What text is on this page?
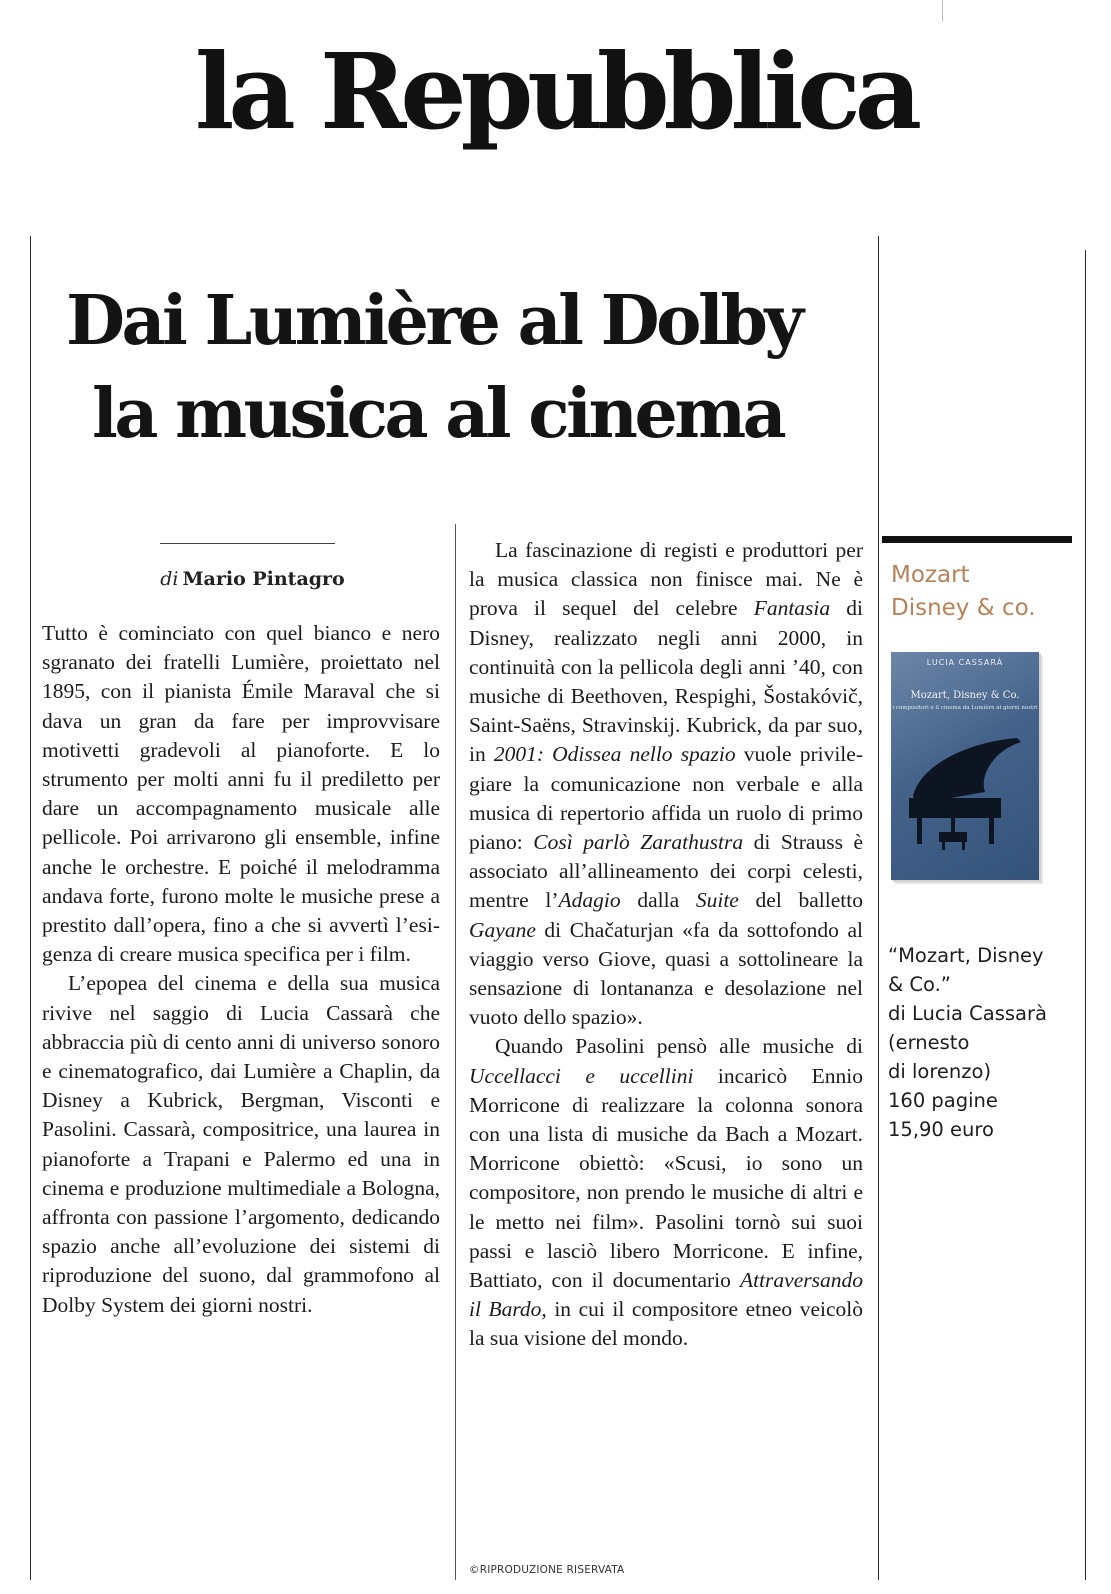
la Repubblica
Dai Lumière al Dolby
la musica al cinema
di Mario Pintagro

Tutto è cominciato con quel bianco e nero sgranato dei fratelli Lumière, proiettato nel 1895, con il pianista Émile Maraval che si dava un gran da fare per improvvisare motivetti gradevoli al pianoforte. E lo strumento per molti anni fu il prediletto per dare un accompagnamento musicale alle pellicole. Poi arrivarono gli ensemble, infine anche le orchestre. E poiché il melodramma andava forte, furono molte le musiche prese a prestito dall’opera, fino a che si avvertì l’esigenza di creare musica specifica per i film.

L’epopea del cinema e della sua musica rivive nel saggio di Lucia Cassarà che abbraccia più di cento anni di universo sonoro e cinematografico, dai Lumière a Chaplin, da Disney a Kubrick, Bergman, Visconti e Pasolini. Cassarà, compositrice, una laurea in pianoforte a Trapani e Palermo ed una in cinema e produzione multimediale a Bologna, affronta con passione l’argomento, dedicando spazio anche all’evoluzione dei sistemi di riproduzione del suono, dal grammofono al Dolby System dei giorni nostri.

La fascinazione di registi e produttori per la musica classica non finisce mai. Ne è prova il sequel del celebre Fantasia di Disney, realizzato negli anni 2000, in continuità con la pellicola degli anni ’40, con musiche di Beethoven, Respighi, Šostakóvič, Saint-Saëns, Stravinskij. Kubrick, da par suo, in 2001: Odissea nello spazio vuole privilegiare la comunicazione non verbale e alla musica di repertorio affida un ruolo di primo piano: Così parlò Zarathustra di Strauss è associato all’allineamento dei corpi celesti, mentre l’Adagio dalla Suite del balletto Gayane di Chačaturjan «fa da sottofondo al viaggio verso Giove, quasi a sottolineare la sensazione di lontananza e desolazione nel vuoto dello spazio».

Quando Pasolini pensò alle musiche di Uccellacci e uccellini incaricò Ennio Morricone di realizzare la colonna sonora con una lista di musiche da Bach a Mozart. Morricone obiettò: «Scusi, io sono un compositore, non prendo le musiche di altri e le metto nei film». Pasolini tornò sui suoi passi e lasciò libero Morricone. E infine, Battiato, con il documentario Attraversando il Bardo, in cui il compositore etneo veicolò la sua visione del mondo.

©RIPRODUZIONE RISERVATA
Mozart
Disney & co.
LUCIA CASSARÀ
Mozart, Disney & Co.
i compositori e il cinema da Lumière ai giorni nostri
“Mozart, Disney
& Co.”
di Lucia Cassarà
(ernesto
di lorenzo)
160 pagine
15,90 euro
